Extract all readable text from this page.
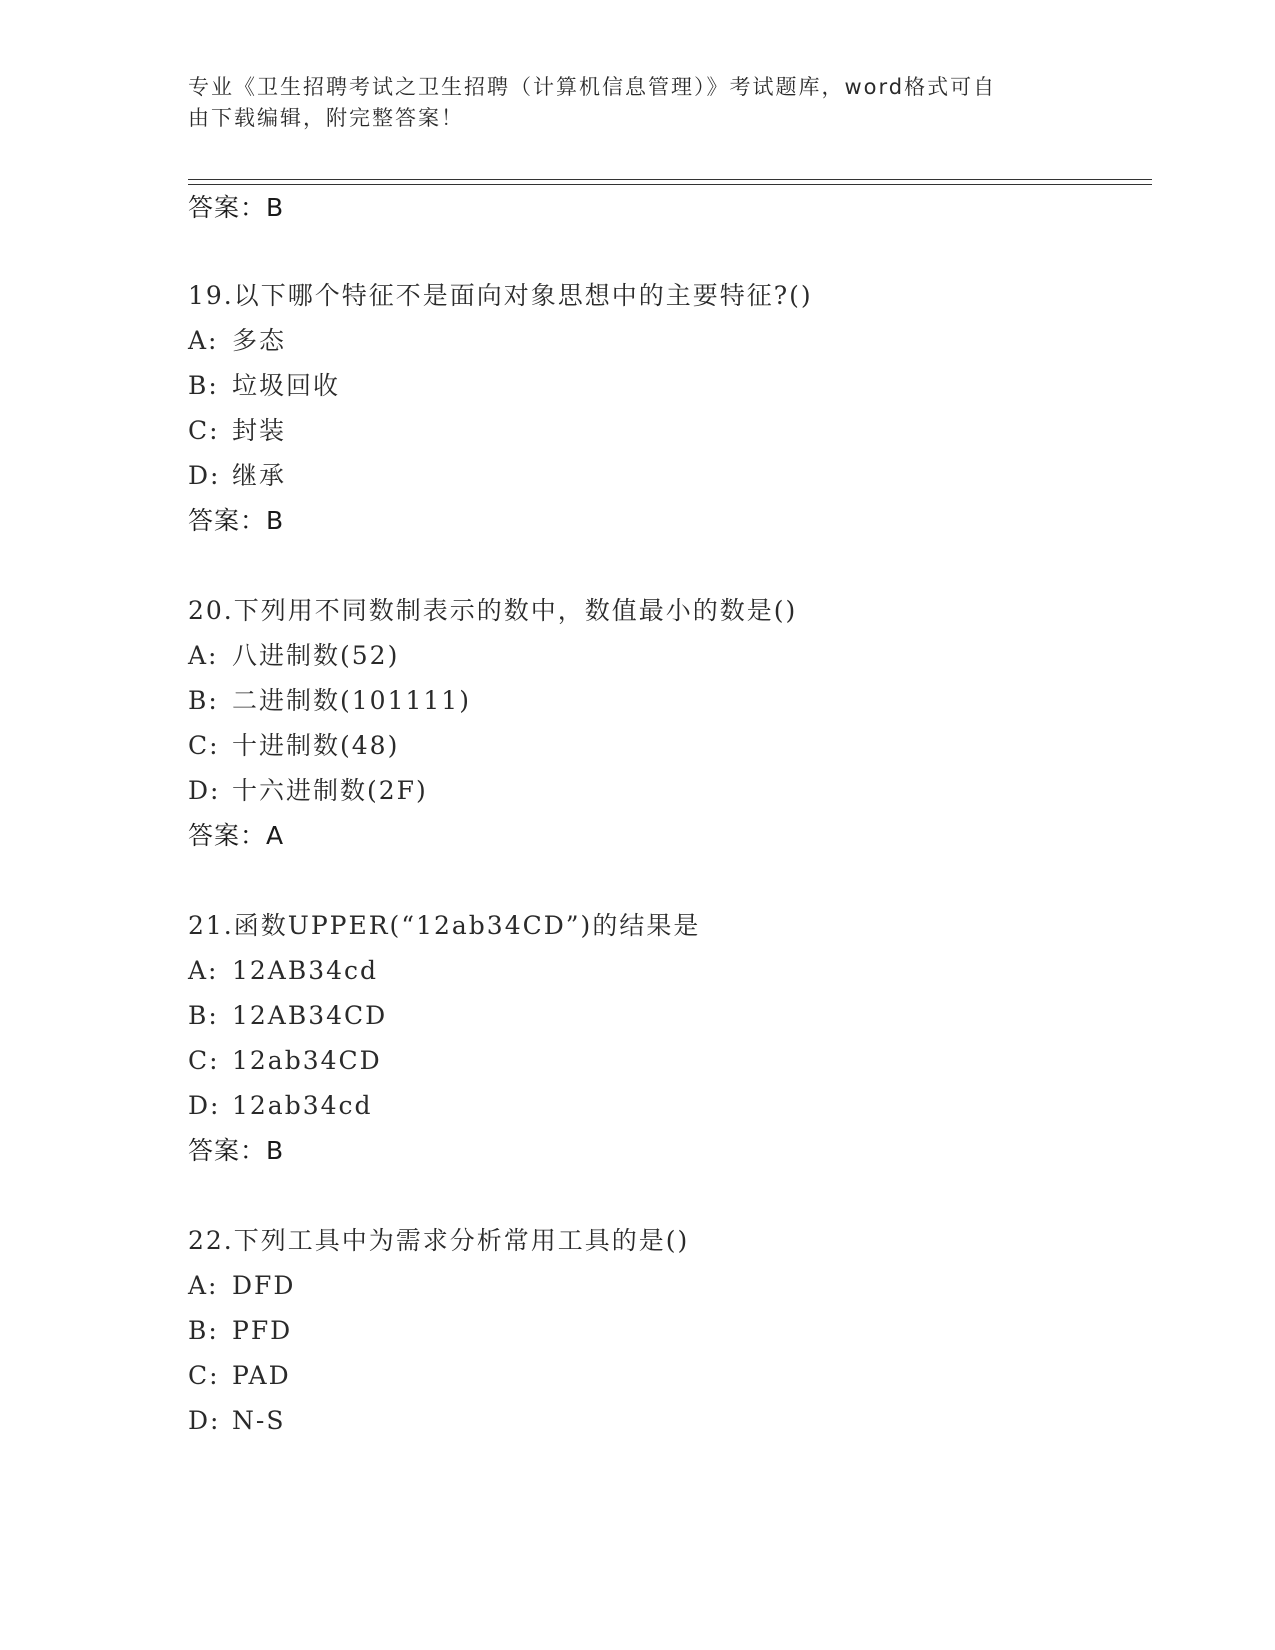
专业《卫生招聘考试之卫生招聘（计算机信息管理）》考试题库，word格式可自
由下载编辑，附完整答案！
答案：B
19.以下哪个特征不是面向对象思想中的主要特征?()
A: 多态
B: 垃圾回收
C: 封装
D: 继承
答案：B
20.下列用不同数制表示的数中，数值最小的数是()
A: 八进制数(52)
B: 二进制数(101111)
C: 十进制数(48)
D: 十六进制数(2F)
答案：A
21.函数UPPER(“12ab34CD”)的结果是
A: 12AB34cd
B: 12AB34CD
C: 12ab34CD
D: 12ab34cd
答案：B
22.下列工具中为需求分析常用工具的是()
A: DFD
B: PFD
C: PAD
D: N-S
